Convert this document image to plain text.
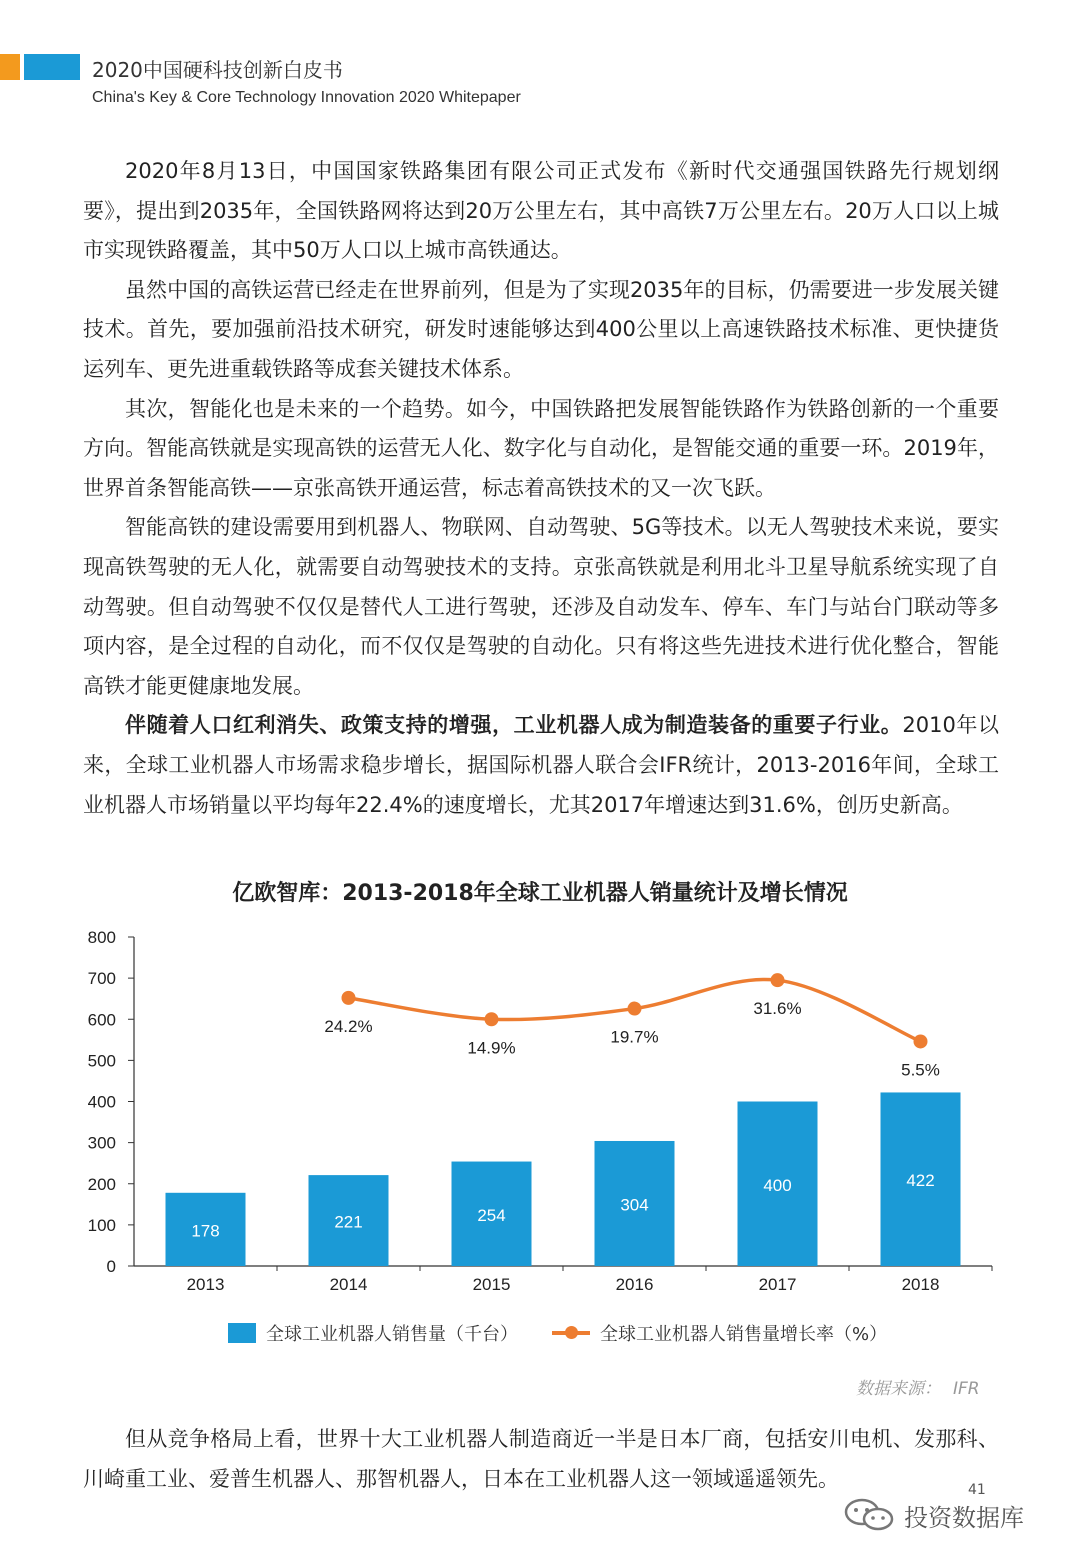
2020中国硬科技创新白皮书
China's Key & Core Technology Innovation 2020 Whitepaper

2020年8月13日，中国国家铁路集团有限公司正式发布《新时代交通强国铁路先行规划纲要》，提出到2035年，全国铁路网将达到20万公里左右，其中高铁7万公里左右。20万人口以上城市实现铁路覆盖，其中50万人口以上城市高铁通达。

虽然中国的高铁运营已经走在世界前列，但是为了实现2035年的目标，仍需要进一步发展关键技术。首先，要加强前沿技术研究，研发时速能够达到400公里以上高速铁路技术标准、更快捷货运列车、更先进重载铁路等成套关键技术体系。

其次，智能化也是未来的一个趋势。如今，中国铁路把发展智能铁路作为铁路创新的一个重要方向。智能高铁就是实现高铁的运营无人化、数字化与自动化，是智能交通的重要一环。2019年，世界首条智能高铁——京张高铁开通运营，标志着高铁技术的又一次飞跃。

智能高铁的建设需要用到机器人、物联网、自动驾驶、5G等技术。以无人驾驶技术来说，要实现高铁驾驶的无人化，就需要自动驾驶技术的支持。京张高铁就是利用北斗卫星导航系统实现了自动驾驶。但自动驾驶不仅仅是替代人工进行驾驶，还涉及自动发车、停车、车门与站台门联动等多项内容，是全过程的自动化，而不仅仅是驾驶的自动化。只有将这些先进技术进行优化整合，智能高铁才能更健康地发展。

伴随着人口红利消失、政策支持的增强，工业机器人成为制造装备的重要子行业。2010年以来，全球工业机器人市场需求稳步增长，据国际机器人联合会IFR统计，2013-2016年间，全球工业机器人市场销量以平均每年22.4%的速度增长，尤其2017年增速达到31.6%，创历史新高。

亿欧智库：2013-2018年全球工业机器人销量统计及增长情况
0
100
200
300
400
500
600
700
800
178
2013
221
2014
254
2015
304
2016
400
2017
422
2018
24.2%
14.9%
19.7%
31.6%
5.5%
全球工业机器人销售量（千台）	全球工业机器人销售量增长率（%）
数据来源： IFR

但从竞争格局上看，世界十大工业机器人制造商近一半是日本厂商，包括安川电机、发那科、川崎重工业、爱普生机器人、那智机器人，日本在工业机器人这一领域遥遥领先。	41
投资数据库
